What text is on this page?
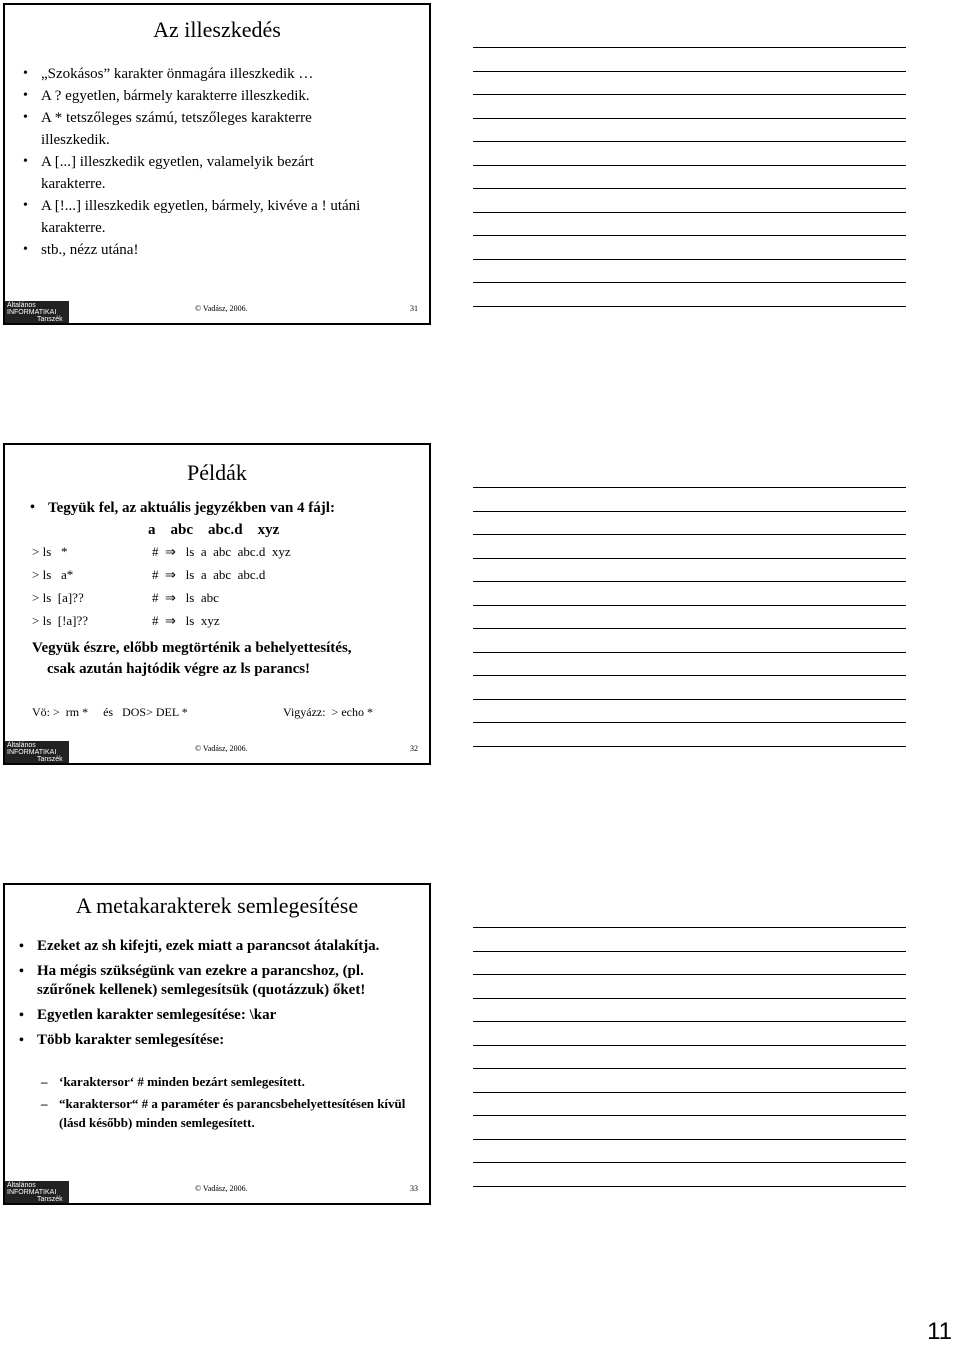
Az illeszkedés
• „Szokásos” karakter önmagára illeszkedik …
• A ? egyetlen, bármely karakterre illeszkedik.
• A * tetszőleges számú, tetszőleges karakterre illeszkedik.
• A [...] illeszkedik egyetlen, valamelyik bezárt karakterre.
• A [!...] illeszkedik egyetlen, bármely, kivéve a ! utáni karakterre.
• stb., nézz utána!
Általános
INFORMATIKAI
Tanszék
© Vadász, 2006.	31
Példák
• Tegyük fel, az aktuális jegyzékben van 4 fájl:
a    abc    abc.d    xyz
> ls   *	#  ⇒   ls  a  abc  abc.d  xyz
> ls   a*	#  ⇒   ls  a  abc  abc.d
> ls  [a]??	#  ⇒   ls  abc
> ls  [!a]??	#  ⇒   ls  xyz
Vegyük észre, előbb megtörténik a behelyettesítés,
csak azután hajtódik végre az ls parancs!
Vö: >  rm *     és   DOS> DEL *	Vigyázz:  > echo *
Általános
INFORMATIKAI
Tanszék
© Vadász, 2006.	32
A metakarakterek semlegesítése
• Ezeket az sh kifejti, ezek miatt a parancsot átalakítja.
• Ha mégis szükségünk van ezekre a parancshoz, (pl. szűrőnek kellenek) semlegesítsük (quotázzuk) őket!
• Egyetlen karakter semlegesítése: \kar
• Több karakter semlegesítése:
– ‘karaktersor‘ # minden bezárt semlegesített.
– “karaktersor“ # a paraméter és parancsbehelyettesítésen kívül (lásd később) minden semlegesített.
Általános
INFORMATIKAI
Tanszék
© Vadász, 2006.	33
11
